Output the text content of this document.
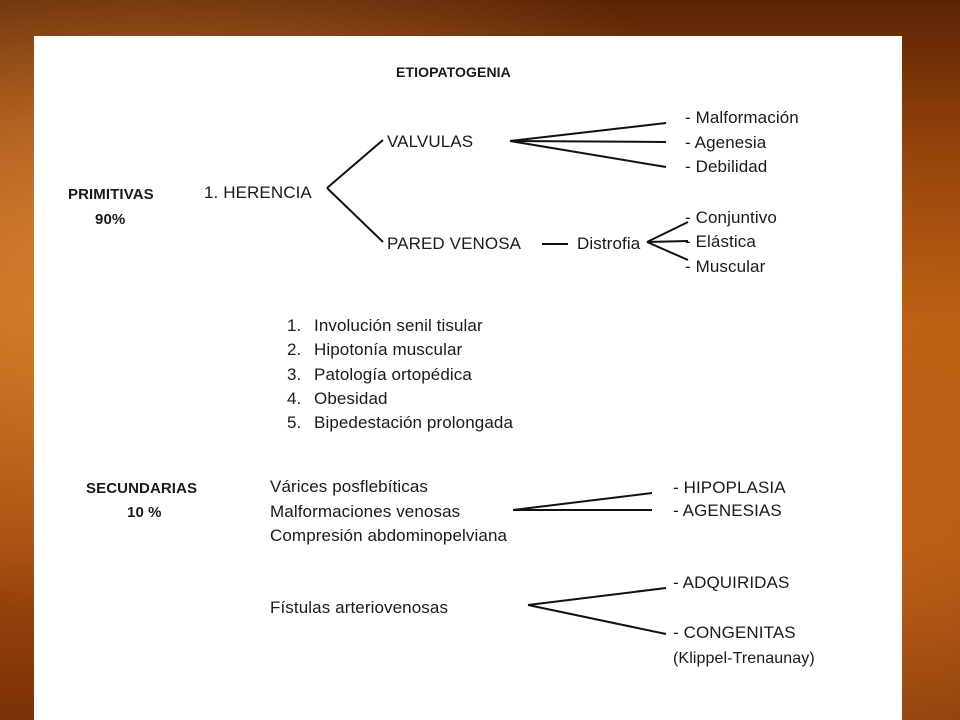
ETIOPATOGENIA
PRIMITIVAS
90%
1. HERENCIA
VALVULAS
- Malformación
- Agenesia
- Debilidad
PARED VENOSA	Distrofia
- Conjuntivo
- Elástica
- Muscular
1. Involución senil tisular
2. Hipotonía muscular
3. Patología ortopédica
4. Obesidad
5. Bipedestación prolongada
SECUNDARIAS
10 %
Várices posflebíticas
Malformaciones venosas
Compresión abdominopelviana
- HIPOPLASIA
- AGENESIAS
Fístulas arteriovenosas
- ADQUIRIDAS
- CONGENITAS
(Klippel-Trenaunay)
